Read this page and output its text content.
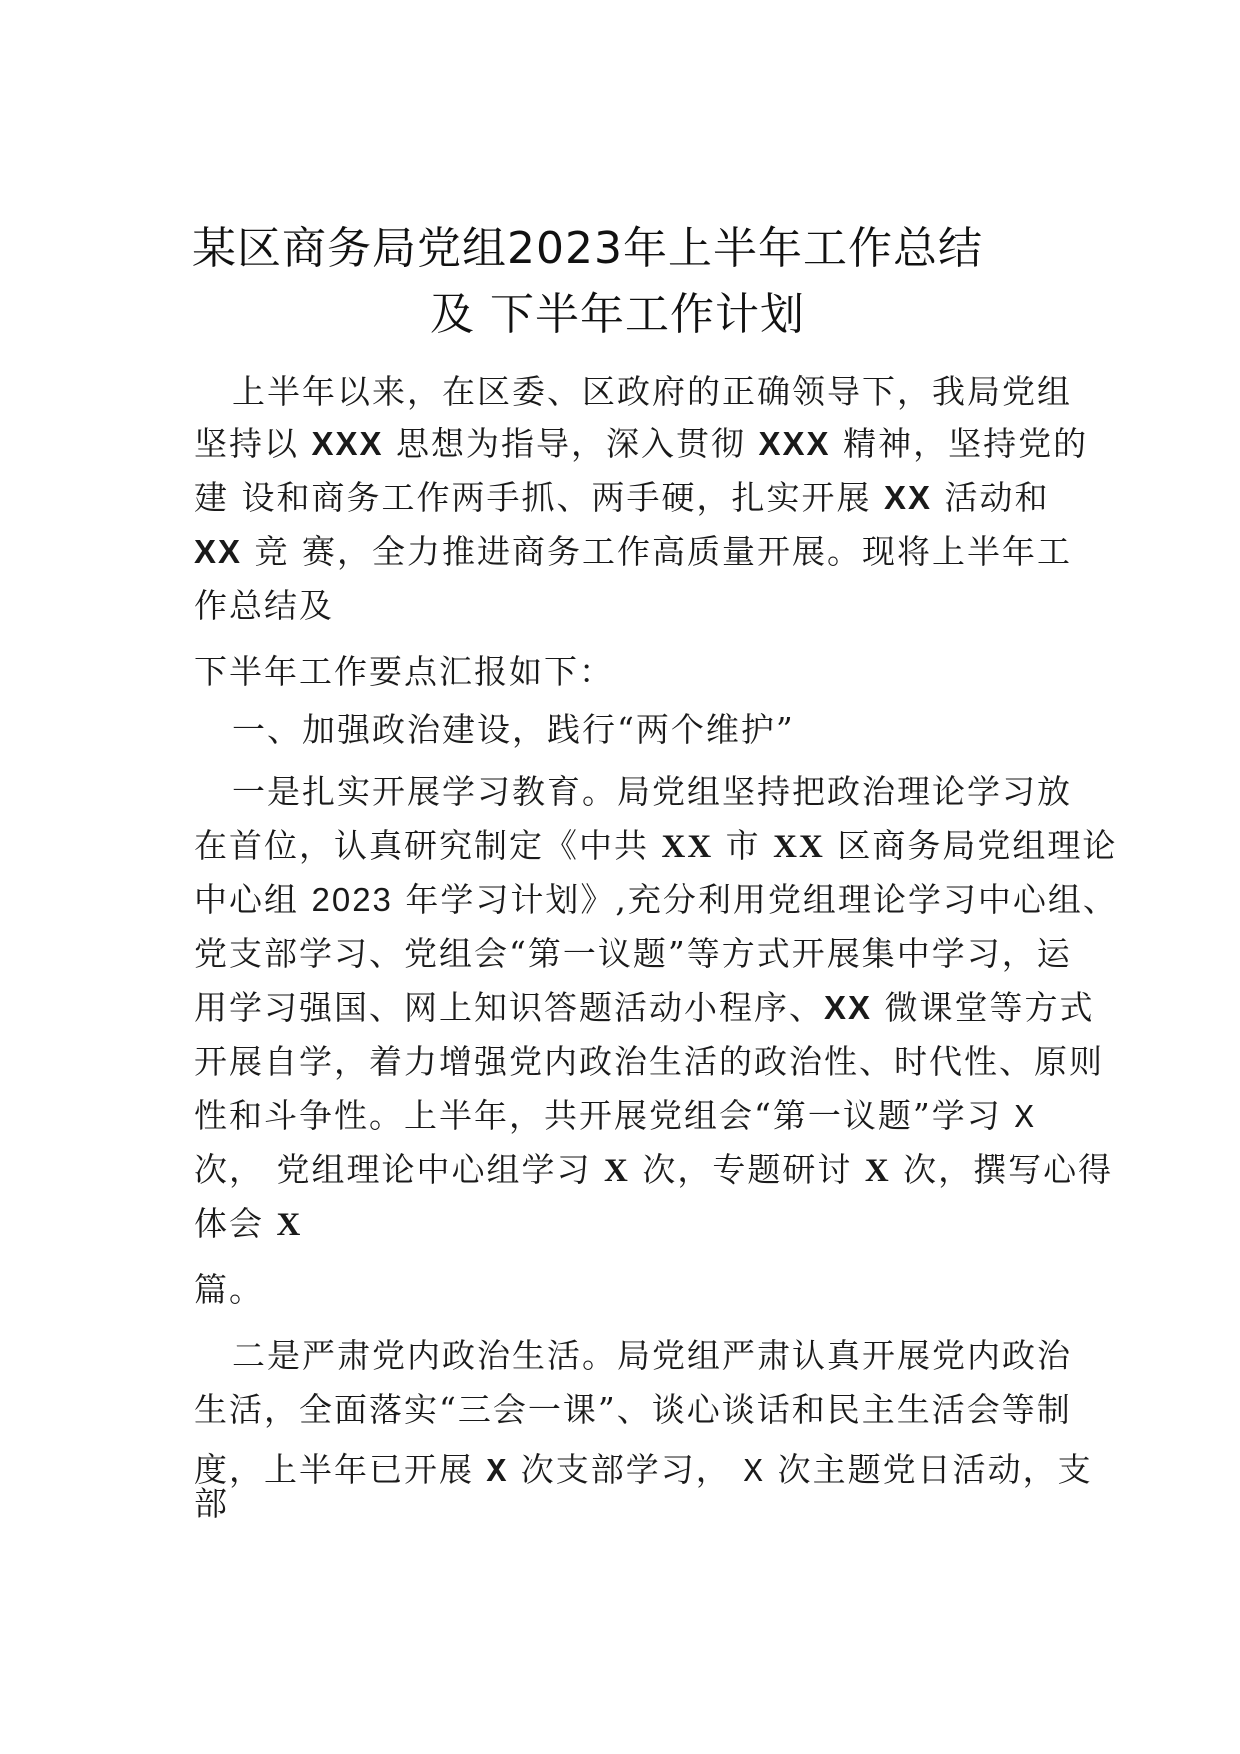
某区商务局党组2023年上半年工作总结
及 下半年工作计划
上半年以来，在区委、区政府的正确领导下，我局党组
坚持以 XXX 思想为指导，深入贯彻 XXX 精神，坚持党的
建 设和商务工作两手抓、两手硬，扎实开展 XX 活动和
XX 竞 赛，全力推进商务工作高质量开展。现将上半年工
作总结及
下半年工作要点汇报如下：
一、加强政治建设，践行“两个维护”
一是扎实开展学习教育。局党组坚持把政治理论学习放
在首位，认真研究制定《中共 XX 市 XX 区商务局党组理论
中心组 2023 年学习计划》,充分利用党组理论学习中心组、
党支部学习、党组会“第一议题”等方式开展集中学习，运
用学习强国、网上知识答题活动小程序、XX 微课堂等方式
开展自学，着力增强党内政治生活的政治性、时代性、原则
性和斗争性。上半年，共开展党组会“第一议题”学习 X
次， 党组理论中心组学习 X 次，专题研讨 X 次，撰写心得
体会 X
篇。
二是严肃党内政治生活。局党组严肃认真开展党内政治
生活，全面落实“三会一课”、谈心谈话和民主生活会等制
度，上半年已开展 X 次支部学习， X 次主题党日活动，支
部
